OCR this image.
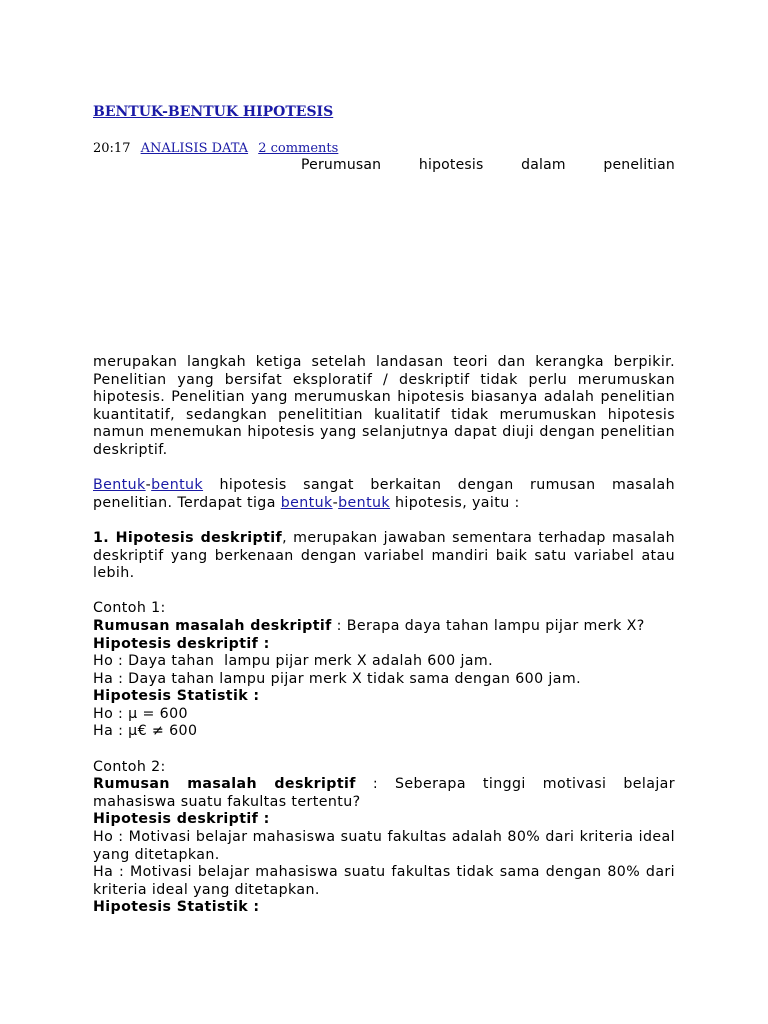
BENTUK-BENTUK HIPOTESIS
20:17 ANALISIS DATA 2 comments
Perumusan hipotesis dalam penelitian

merupakan langkah ketiga setelah landasan teori dan kerangka berpikir. Penelitian yang bersifat eksploratif / deskriptif tidak perlu merumuskan hipotesis. Penelitian yang merumuskan hipotesis biasanya adalah penelitian kuantitatif, sedangkan penelititian kualitatif tidak merumuskan hipotesis namun menemukan hipotesis yang selanjutnya dapat diuji dengan penelitian deskriptif.

Bentuk-bentuk hipotesis sangat berkaitan dengan rumusan masalah penelitian. Terdapat tiga bentuk-bentuk hipotesis, yaitu :

1. Hipotesis deskriptif, merupakan jawaban sementara terhadap masalah deskriptif yang berkenaan dengan variabel mandiri baik satu variabel atau lebih.

Contoh 1:
Rumusan masalah deskriptif : Berapa daya tahan lampu pijar merk X?
Hipotesis deskriptif :
Ho : Daya tahan  lampu pijar merk X adalah 600 jam.
Ha : Daya tahan lampu pijar merk X tidak sama dengan 600 jam.
Hipotesis Statistik :
Ho : μ = 600
Ha : μ€ ≠ 600
Contoh 2:
Rumusan masalah deskriptif : Seberapa tinggi motivasi belajar mahasiswa suatu fakultas tertentu?
Hipotesis deskriptif :
Ho : Motivasi belajar mahasiswa suatu fakultas adalah 80% dari kriteria ideal yang ditetapkan.
Ha : Motivasi belajar mahasiswa suatu fakultas tidak sama dengan 80% dari kriteria ideal yang ditetapkan.
Hipotesis Statistik :
